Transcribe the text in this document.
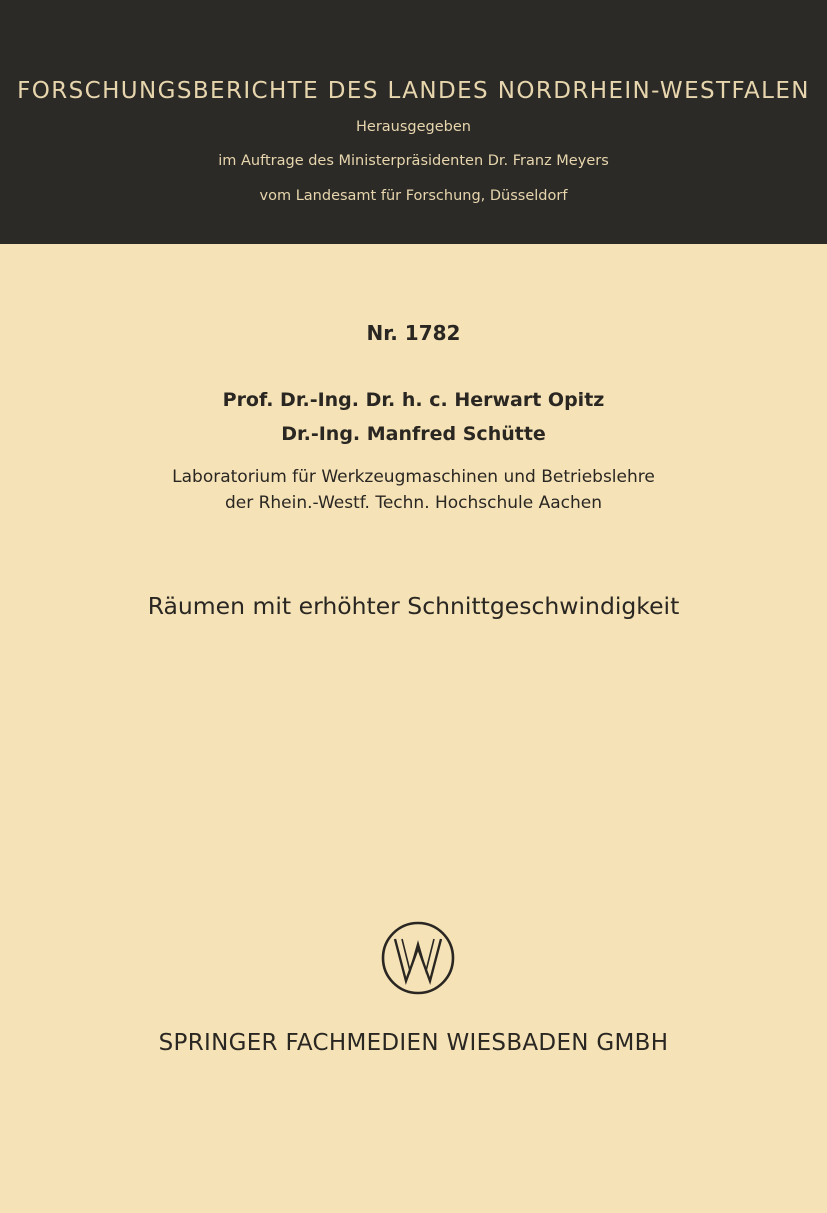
FORSCHUNGSBERICHTE DES LANDES NORDRHEIN-WESTFALEN
Herausgegeben
im Auftrage des Ministerpräsidenten Dr. Franz Meyers
vom Landesamt für Forschung, Düsseldorf
Nr. 1782
Prof. Dr.-Ing. Dr. h. c. Herwart Opitz
Dr.-Ing. Manfred Schütte
Laboratorium für Werkzeugmaschinen und Betriebslehre
der Rhein.-Westf. Techn. Hochschule Aachen
Räumen mit erhöhter Schnittgeschwindigkeit
SPRINGER FACHMEDIEN WIESBADEN GMBH
